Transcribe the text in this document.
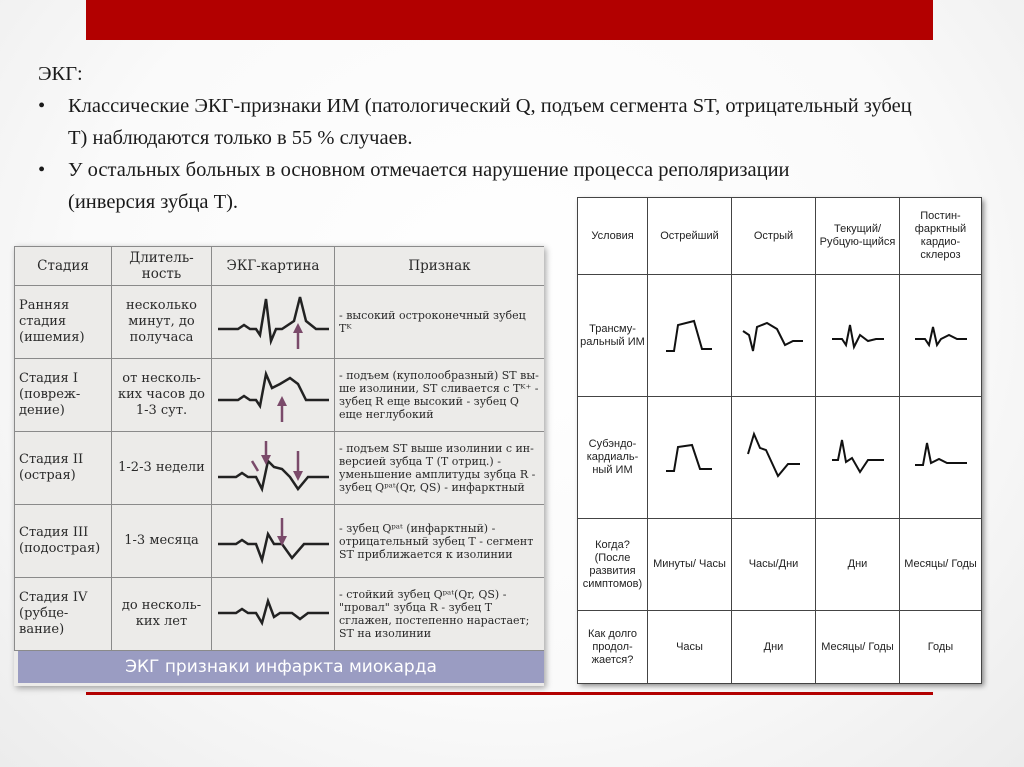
ЭКГ:
•	Классические ЭКГ-признаки ИМ (патологический Q, подъем сегмента ST, отрицательный зубец Т) наблюдаются только в 55 % случаев.
•	У остальных больных в основном отмечается нарушение процесса реполяризации (инверсия зубца Т).
Стадия	Длитель-ность	ЭКГ-картина	Признак
Ранняя стадия (ишемия)	несколько минут, до получаса		- высокий остроконечный зубец Tᴷ
Стадия I (повреж-дение)	от несколь-ких часов до 1-3 сут.		- подъем (куполообразный) ST вы-ше изолинии, ST сливается с Tᴷ⁺ - зубец R еще высокий - зубец Q еще неглубокий
Стадия II (острая)	1-2-3 недели		- подъем ST выше изолинии с ин-версией зубца T (T отриц.) - уменьшение амплитуды зубца R - зубец Qᵖᵃᵗ(Qr, QS) - инфарктный
Стадия III (подострая)	1-3 месяца		- зубец Qᵖᵃᵗ (инфарктный) - отрицательный зубец T - сегмент ST приближается к изолинии
Стадия IV (рубце-вание)	до несколь-ких лет		- стойкий зубец Qᵖᵃᵗ(Qr, QS) - "провал" зубца R - зубец T сглажен, постепенно нарастает; ST на изолинии
ЭКГ признаки инфаркта миокарда
Условия	Острейший	Острый	Текущий/ Рубцую-щийся	Постин-фарктный кардио-склероз
Трансму-ральный ИМ	

Субэндо-кардиаль-ный ИМ	

Когда? (После развития симптомов)	Минуты/ Часы	Часы/Дни	Дни	Месяцы/ Годы
Как долго продол-жается?	Часы	Дни	Месяцы/ Годы	Годы
